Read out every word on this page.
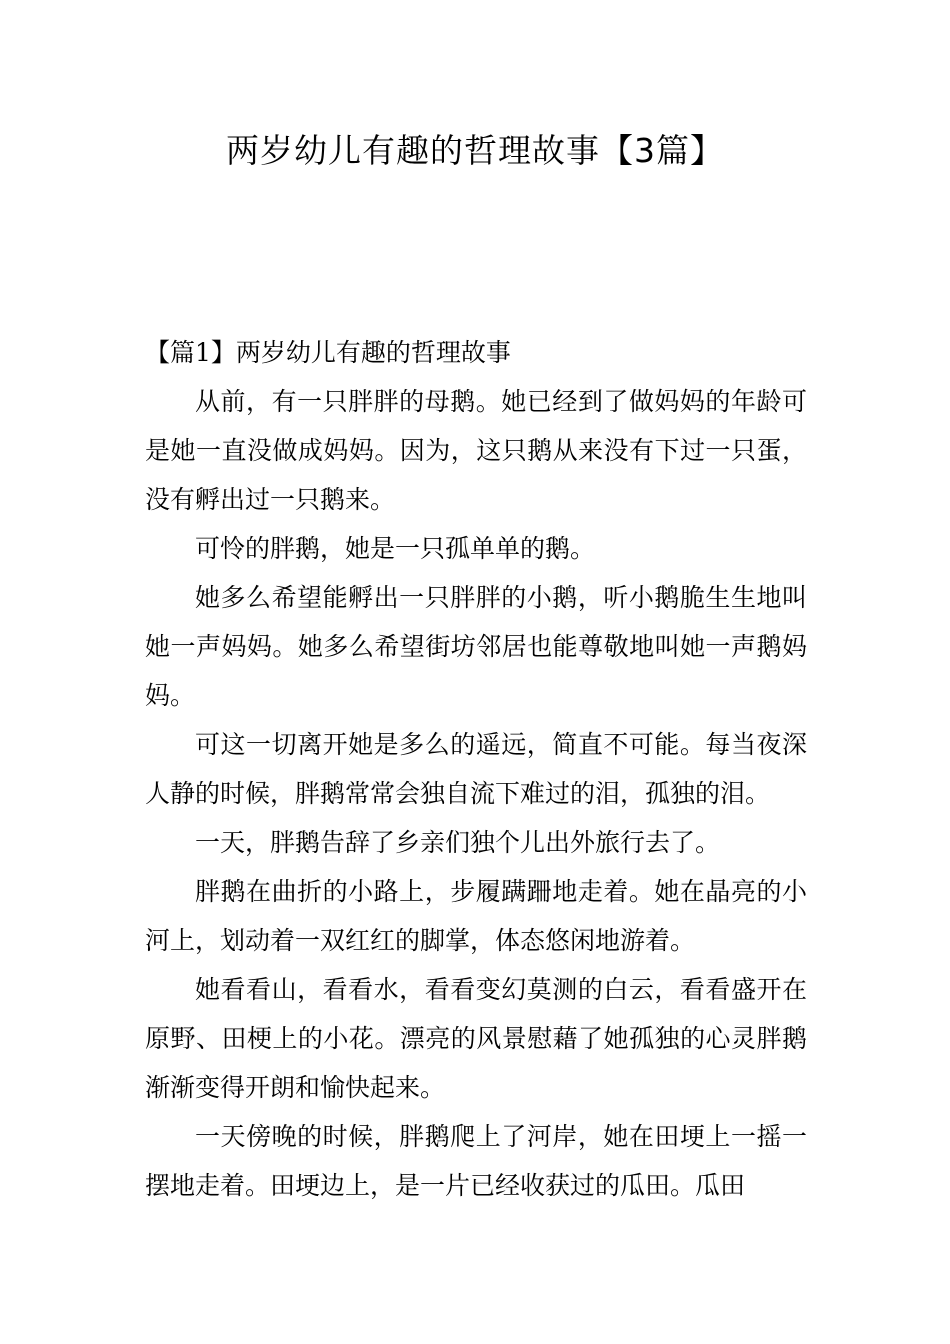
两岁幼儿有趣的哲理故事【3篇】
【篇1】两岁幼儿有趣的哲理故事

从前，有一只胖胖的母鹅。她已经到了做妈妈的年龄可是她一直没做成妈妈。因为，这只鹅从来没有下过一只蛋，没有孵出过一只鹅来。

可怜的胖鹅，她是一只孤单单的鹅。

她多么希望能孵出一只胖胖的小鹅，听小鹅脆生生地叫她一声妈妈。她多么希望街坊邻居也能尊敬地叫她一声鹅妈妈。

可这一切离开她是多么的遥远，简直不可能。每当夜深人静的时候，胖鹅常常会独自流下难过的泪，孤独的泪。

一天，胖鹅告辞了乡亲们独个儿出外旅行去了。

胖鹅在曲折的小路上，步履蹒跚地走着。她在晶亮的小河上，划动着一双红红的脚掌，体态悠闲地游着。

她看看山，看看水，看看变幻莫测的白云，看看盛开在原野、田梗上的小花。漂亮的风景慰藉了她孤独的心灵胖鹅渐渐变得开朗和愉快起来。

一天傍晚的时候，胖鹅爬上了河岸，她在田埂上一摇一摆地走着。田埂边上，是一片已经收获过的瓜田。瓜田
